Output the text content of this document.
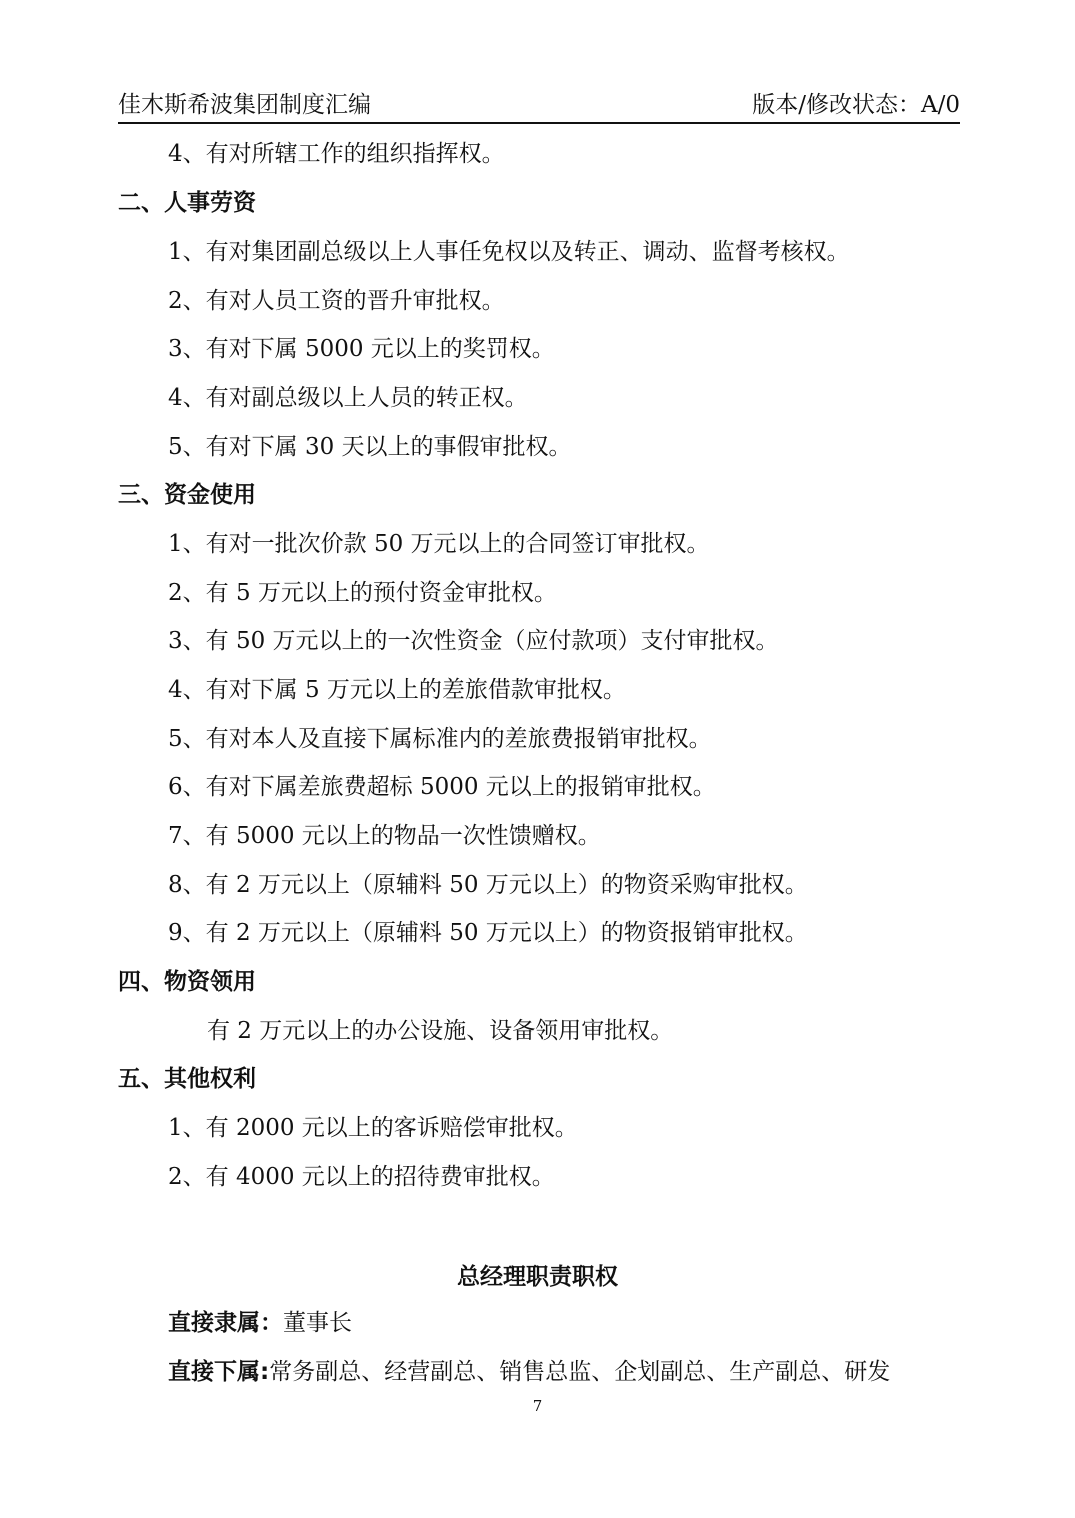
佳木斯希波集团制度汇编	版本/修改状态：A/0
4、有对所辖工作的组织指挥权。
二、人事劳资
1、有对集团副总级以上人事任免权以及转正、调动、监督考核权。
2、有对人员工资的晋升审批权。
3、有对下属 5000 元以上的奖罚权。
4、有对副总级以上人员的转正权。
5、有对下属 30 天以上的事假审批权。
三、资金使用
1、有对一批次价款 50 万元以上的合同签订审批权。
2、有 5 万元以上的预付资金审批权。
3、有 50 万元以上的一次性资金（应付款项）支付审批权。
4、有对下属 5 万元以上的差旅借款审批权。
5、有对本人及直接下属标准内的差旅费报销审批权。
6、有对下属差旅费超标 5000 元以上的报销审批权。
7、有 5000 元以上的物品一次性馈赠权。
8、有 2 万元以上（原辅料 50 万元以上）的物资采购审批权。
9、有 2 万元以上（原辅料 50 万元以上）的物资报销审批权。
四、物资领用
有 2 万元以上的办公设施、设备领用审批权。
五、其他权利
1、有 2000 元以上的客诉赔偿审批权。
2、有 4000 元以上的招待费审批权。
总经理职责职权
直接隶属：董事长
直接下属:常务副总、经营副总、销售总监、企划副总、生产副总、研发
7
